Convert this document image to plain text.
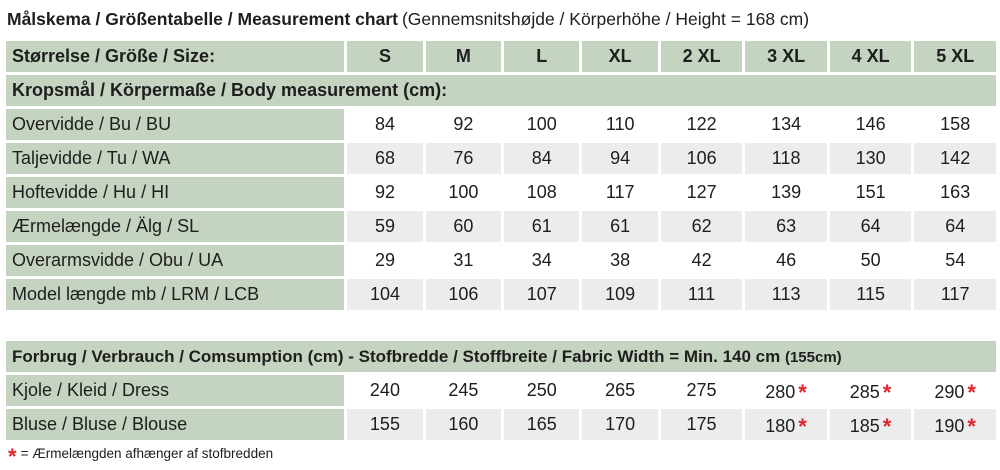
Målskema / Größentabelle / Measurement chart (Gennemsnitshøjde / Körperhöhe / Height = 168 cm)
Størrelse / Größe / Size:	S	M	L	XL	2 XL	3 XL	4 XL	5 XL
Kropsmål / Körpermaße / Body measurement (cm):								
Overvidde / Bu / BU	84	92	100	110	122	134	146	158
Taljevidde / Tu / WA	68	76	84	94	106	118	130	142
Hoftevidde / Hu / HI	92	100	108	117	127	139	151	163
Ærmelængde / Älg / SL	59	60	61	61	62	63	64	64
Overarmsvidde / Obu / UA	29	31	34	38	42	46	50	54
Model længde mb / LRM / LCB	104	106	107	109	111	113	115	117
Forbrug / Verbrauch / Comsumption (cm) - Stofbredde / Stoffbreite / Fabric Width = Min. 140 cm (155cm)								
Kjole / Kleid / Dress	240	245	250	265	275	280 *	285 *	290 *
Bluse / Bluse / Blouse	155	160	165	170	175	180 *	185 *	190 *
* = Ærmelængden afhænger af stofbredden
